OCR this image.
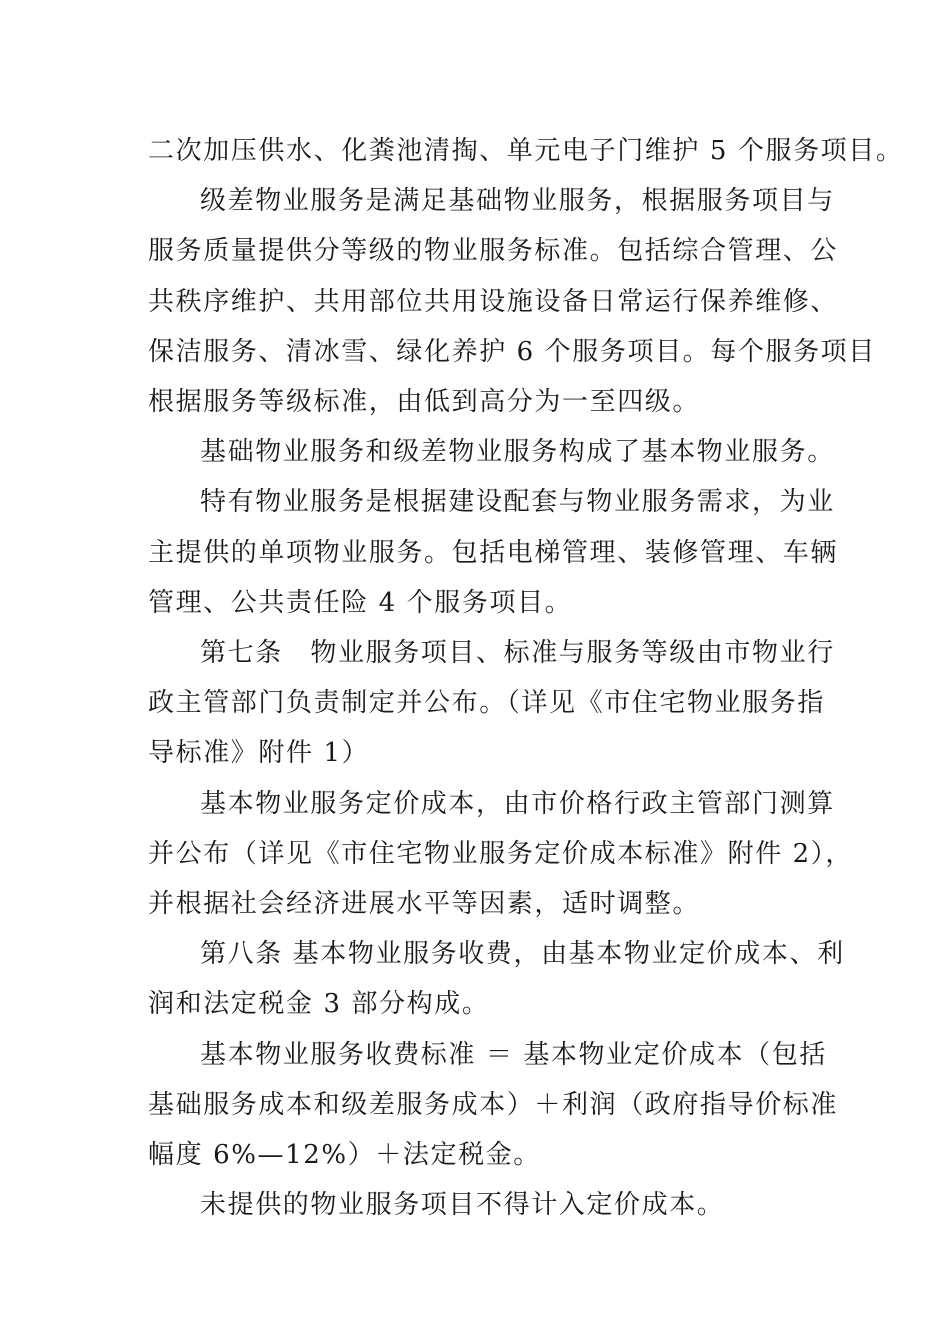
二次加压供水、化粪池清掏、单元电子门维护 5 个服务项目。

级差物业服务是满足基础物业服务，根据服务项目与
服务质量提供分等级的物业服务标准。包括综合管理、公
共秩序维护、共用部位共用设施设备日常运行保养维修、
保洁服务、清冰雪、绿化养护 6 个服务项目。每个服务项目
根据服务等级标准，由低到高分为一至四级。

基础物业服务和级差物业服务构成了基本物业服务。

特有物业服务是根据建设配套与物业服务需求，为业
主提供的单项物业服务。包括电梯管理、装修管理、车辆
管理、公共责任险 4 个服务项目。

第七条　物业服务项目、标准与服务等级由市物业行
政主管部门负责制定并公布。（详见《市住宅物业服务指
导标准》附件 1）

基本物业服务定价成本，由市价格行政主管部门测算
并公布（详见《市住宅物业服务定价成本标准》附件 2），
并根据社会经济进展水平等因素，适时调整。

第八条 基本物业服务收费，由基本物业定价成本、利
润和法定税金 3 部分构成。

基本物业服务收费标准 ＝ 基本物业定价成本（包括
基础服务成本和级差服务成本）＋利润（政府指导价标准
幅度 6%—12%）＋法定税金。

未提供的物业服务项目不得计入定价成本。
